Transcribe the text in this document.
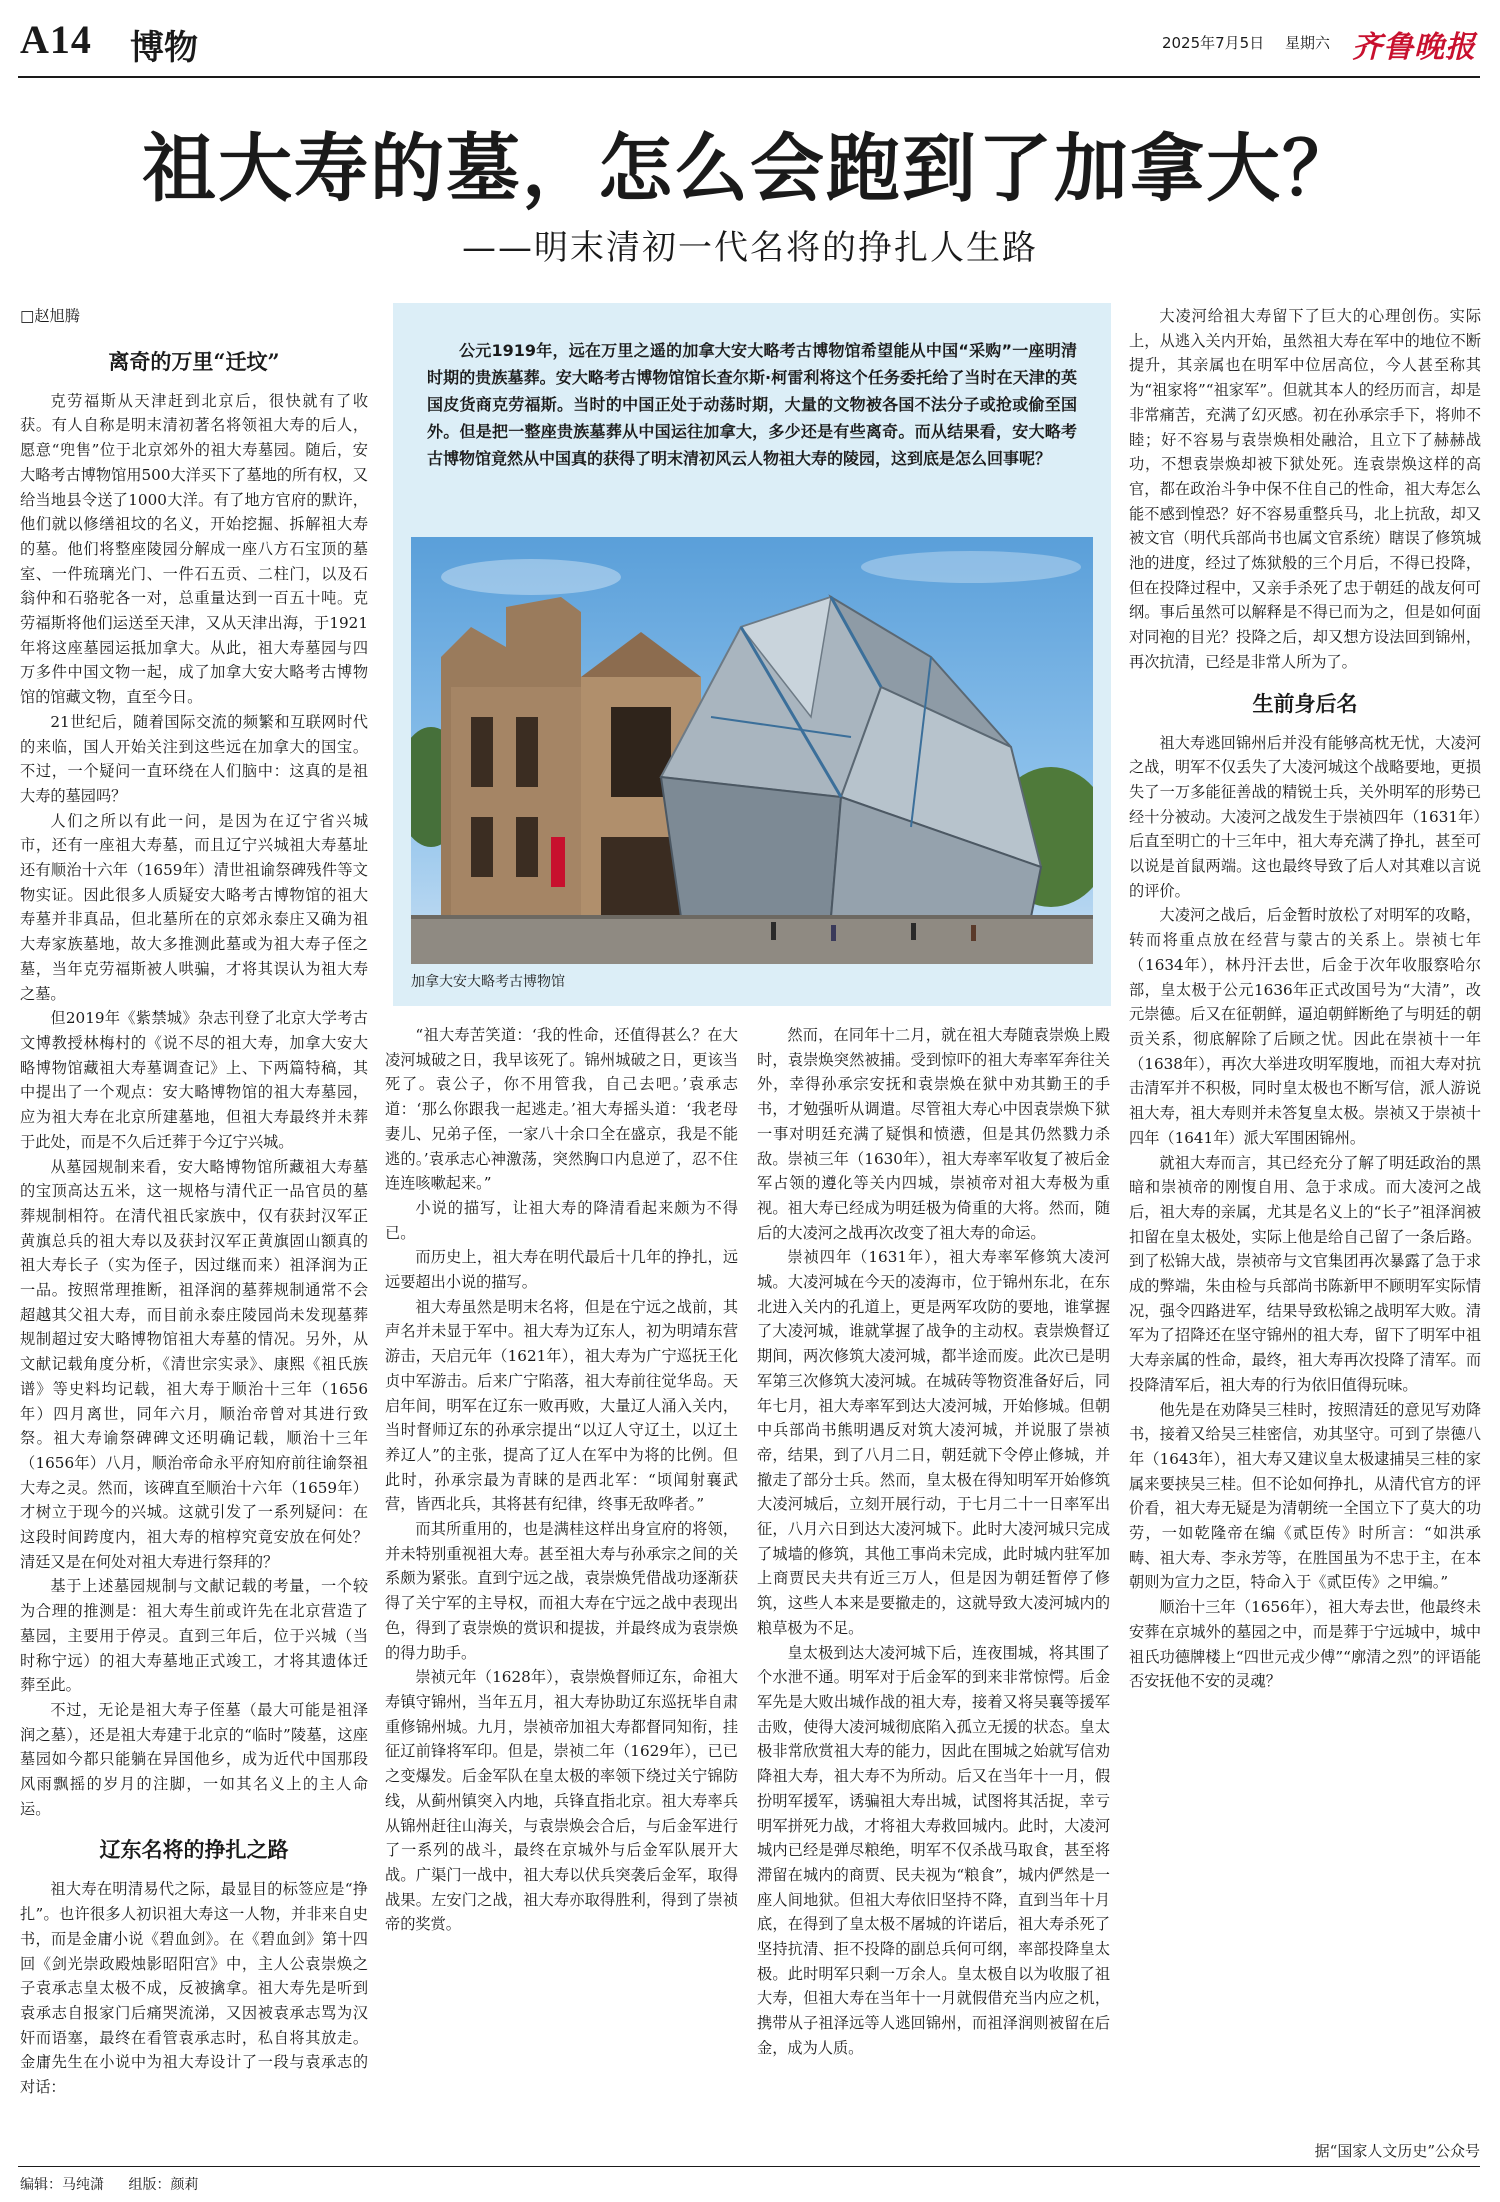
A14 博物	2025年7月5日 星期六 齐鲁晚报
祖大寿的墓，怎么会跑到了加拿大？
——明末清初一代名将的挣扎人生路
□赵旭腾
离奇的万里“迁坟”

克劳福斯从天津赶到北京后，很快就有了收获。有人自称是明末清初著名将领祖大寿的后人，愿意“兜售”位于北京郊外的祖大寿墓园。随后，安大略考古博物馆用500大洋买下了墓地的所有权，又给当地县令送了1000大洋。有了地方官府的默许，他们就以修缮祖坟的名义，开始挖掘、拆解祖大寿的墓。他们将整座陵园分解成一座八方石宝顶的墓室、一件琉璃光门、一件石五贡、二柱门，以及石翁仲和石骆驼各一对，总重量达到一百五十吨。克劳福斯将他们运送至天津，又从天津出海，于1921年将这座墓园运抵加拿大。从此，祖大寿墓园与四万多件中国文物一起，成了加拿大安大略考古博物馆的馆藏文物，直至今日。

21世纪后，随着国际交流的频繁和互联网时代的来临，国人开始关注到这些远在加拿大的国宝。不过，一个疑问一直环绕在人们脑中：这真的是祖大寿的墓园吗？

人们之所以有此一问，是因为在辽宁省兴城市，还有一座祖大寿墓，而且辽宁兴城祖大寿墓址还有顺治十六年（1659年）清世祖谕祭碑残件等文物实证。因此很多人质疑安大略考古博物馆的祖大寿墓并非真品，但北墓所在的京郊永泰庄又确为祖大寿家族墓地，故大多推测此墓或为祖大寿子侄之墓，当年克劳福斯被人哄骗，才将其误认为祖大寿之墓。

但2019年《紫禁城》杂志刊登了北京大学考古文博教授林梅村的《说不尽的祖大寿，加拿大安大略博物馆藏祖大寿墓调查记》上、下两篇特稿，其中提出了一个观点：安大略博物馆的祖大寿墓园，应为祖大寿在北京所建墓地，但祖大寿最终并未葬于此处，而是不久后迁葬于今辽宁兴城。

从墓园规制来看，安大略博物馆所藏祖大寿墓的宝顶高达五米，这一规格与清代正一品官员的墓葬规制相符。在清代祖氏家族中，仅有获封汉军正黄旗总兵的祖大寿以及获封汉军正黄旗固山额真的祖大寿长子（实为侄子，因过继而来）祖泽润为正一品。按照常理推断，祖泽润的墓葬规制通常不会超越其父祖大寿，而目前永泰庄陵园尚未发现墓葬规制超过安大略博物馆祖大寿墓的情况。另外，从文献记载角度分析，《清世宗实录》、康熙《祖氏族谱》等史料均记载，祖大寿于顺治十三年（1656年）四月离世，同年六月，顺治帝曾对其进行致祭。祖大寿谕祭碑碑文还明确记载，顺治十三年（1656年）八月，顺治帝命永平府知府前往谕祭祖大寿之灵。然而，该碑直至顺治十六年（1659年）才树立于现今的兴城。这就引发了一系列疑问：在这段时间跨度内，祖大寿的棺椁究竟安放在何处？清廷又是在何处对祖大寿进行祭拜的？

基于上述墓园规制与文献记载的考量，一个较为合理的推测是：祖大寿生前或许先在北京营造了墓园，主要用于停灵。直到三年后，位于兴城（当时称宁远）的祖大寿墓地正式竣工，才将其遗体迁葬至此。

不过，无论是祖大寿子侄墓（最大可能是祖泽润之墓），还是祖大寿建于北京的“临时”陵墓，这座墓园如今都只能躺在异国他乡，成为近代中国那段风雨飘摇的岁月的注脚，一如其名义上的主人命运。

辽东名将的挣扎之路

祖大寿在明清易代之际，最显目的标签应是“挣扎”。也许很多人初识祖大寿这一人物，并非来自史书，而是金庸小说《碧血剑》。在《碧血剑》第十四回《剑光崇政殿烛影昭阳宫》中，主人公袁崇焕之子袁承志皇太极不成，反被擒拿。祖大寿先是听到袁承志自报家门后痛哭流涕，又因被袁承志骂为汉奸而语塞，最终在看管袁承志时，私自将其放走。金庸先生在小说中为祖大寿设计了一段与袁承志的对话：

公元1919年，远在万里之遥的加拿大安大略考古博物馆希望能从中国“采购”一座明清时期的贵族墓葬。安大略考古博物馆馆长查尔斯·柯雷利将这个任务委托给了当时在天津的英国皮货商克劳福斯。当时的中国正处于动荡时期，大量的文物被各国不法分子或抢或偷至国外。但是把一整座贵族墓葬从中国运往加拿大，多少还是有些离奇。而从结果看，安大略考古博物馆竟然从中国真的获得了明末清初风云人物祖大寿的陵园，这到底是怎么回事呢？
加拿大安大略考古博物馆

“祖大寿苦笑道：‘我的性命，还值得甚么？在大凌河城破之日，我早该死了。锦州城破之日，更该当死了。袁公子，你不用管我，自己去吧。’袁承志道：‘那么你跟我一起逃走。’祖大寿摇头道：‘我老母妻儿、兄弟子侄，一家八十余口全在盛京，我是不能逃的。’袁承志心神激荡，突然胸口内息逆了，忍不住连连咳嗽起来。”

小说的描写，让祖大寿的降清看起来颇为不得已。

而历史上，祖大寿在明代最后十几年的挣扎，远远要超出小说的描写。

祖大寿虽然是明末名将，但是在宁远之战前，其声名并未显于军中。祖大寿为辽东人，初为明靖东营游击，天启元年（1621年），祖大寿为广宁巡抚王化贞中军游击。后来广宁陷落，祖大寿前往觉华岛。天启年间，明军在辽东一败再败，大量辽人涌入关内，当时督师辽东的孙承宗提出“以辽人守辽土，以辽土养辽人”的主张，提高了辽人在军中为将的比例。但此时，孙承宗最为青睐的是西北军：“顷闻射襄武营，皆西北兵，其将甚有纪律，终事无敌哗者。”

而其所重用的，也是满桂这样出身宣府的将领，并未特别重视祖大寿。甚至祖大寿与孙承宗之间的关系颇为紧张。直到宁远之战，袁崇焕凭借战功逐渐获得了关宁军的主导权，而祖大寿在宁远之战中表现出色，得到了袁崇焕的赏识和提拔，并最终成为袁崇焕的得力助手。

崇祯元年（1628年），袁崇焕督师辽东，命祖大寿镇守锦州，当年五月，祖大寿协助辽东巡抚毕自肃重修锦州城。九月，崇祯帝加祖大寿都督同知衔，挂征辽前锋将军印。但是，崇祯二年（1629年），已已之变爆发。后金军队在皇太极的率领下绕过关宁锦防线，从蓟州镇突入内地，兵锋直指北京。祖大寿率兵从锦州赶往山海关，与袁崇焕会合后，与后金军进行了一系列的战斗，最终在京城外与后金军队展开大战。广渠门一战中，祖大寿以伏兵突袭后金军，取得战果。左安门之战，祖大寿亦取得胜利，得到了崇祯帝的奖赏。

然而，在同年十二月，就在祖大寿随袁崇焕上殿时，袁崇焕突然被捕。受到惊吓的祖大寿率军奔往关外，幸得孙承宗安抚和袁崇焕在狱中劝其勤王的手书，才勉强听从调遣。尽管祖大寿心中因袁崇焕下狱一事对明廷充满了疑惧和愤懑，但是其仍然戮力杀敌。崇祯三年（1630年），祖大寿率军收复了被后金军占领的遵化等关内四城，崇祯帝对祖大寿极为重视。祖大寿已经成为明廷极为倚重的大将。然而，随后的大凌河之战再次改变了祖大寿的命运。

崇祯四年（1631年），祖大寿率军修筑大凌河城。大凌河城在今天的凌海市，位于锦州东北，在东北进入关内的孔道上，更是两军攻防的要地，谁掌握了大凌河城，谁就掌握了战争的主动权。袁崇焕督辽期间，两次修筑大凌河城，都半途而废。此次已是明军第三次修筑大凌河城。在城砖等物资准备好后，同年七月，祖大寿率军到达大凌河城，开始修城。但朝中兵部尚书熊明遇反对筑大凌河城，并说服了崇祯帝，结果，到了八月二日，朝廷就下令停止修城，并撤走了部分士兵。然而，皇太极在得知明军开始修筑大凌河城后，立刻开展行动，于七月二十一日率军出征，八月六日到达大凌河城下。此时大凌河城只完成了城墙的修筑，其他工事尚未完成，此时城内驻军加上商贾民夫共有近三万人，但是因为朝廷暂停了修筑，这些人本来是要撤走的，这就导致大凌河城内的粮草极为不足。

皇太极到达大凌河城下后，连夜围城，将其围了个水泄不通。明军对于后金军的到来非常惊愕。后金军先是大败出城作战的祖大寿，接着又将吴襄等援军击败，使得大凌河城彻底陷入孤立无援的状态。皇太极非常欣赏祖大寿的能力，因此在围城之始就写信劝降祖大寿，祖大寿不为所动。后又在当年十一月，假扮明军援军，诱骗祖大寿出城，试图将其活捉，幸亏明军拼死力战，才将祖大寿救回城内。此时，大凌河城内已经是弹尽粮绝，明军不仅杀战马取食，甚至将滞留在城内的商贾、民夫视为“粮食”，城内俨然是一座人间地狱。但祖大寿依旧坚持不降，直到当年十月底，在得到了皇太极不屠城的许诺后，祖大寿杀死了坚持抗清、拒不投降的副总兵何可纲，率部投降皇太极。此时明军只剩一万余人。皇太极自以为收服了祖大寿，但祖大寿在当年十一月就假借充当内应之机，携带从子祖泽远等人逃回锦州，而祖泽润则被留在后金，成为人质。

大凌河给祖大寿留下了巨大的心理创伤。实际上，从逃入关内开始，虽然祖大寿在军中的地位不断提升，其亲属也在明军中位居高位，今人甚至称其为“祖家将”“祖家军”。但就其本人的经历而言，却是非常痛苦，充满了幻灭感。初在孙承宗手下，将帅不睦；好不容易与袁崇焕相处融洽，且立下了赫赫战功，不想袁崇焕却被下狱处死。连袁崇焕这样的高官，都在政治斗争中保不住自己的性命，祖大寿怎么能不感到惶恐？好不容易重整兵马，北上抗敌，却又被文官（明代兵部尚书也属文官系统）瞎误了修筑城池的进度，经过了炼狱般的三个月后，不得已投降，但在投降过程中，又亲手杀死了忠于朝廷的战友何可纲。事后虽然可以解释是不得已而为之，但是如何面对同袍的目光？投降之后，却又想方设法回到锦州，再次抗清，已经是非常人所为了。

生前身后名

祖大寿逃回锦州后并没有能够高枕无忧，大凌河之战，明军不仅丢失了大凌河城这个战略要地，更损失了一万多能征善战的精锐士兵，关外明军的形势已经十分被动。大凌河之战发生于崇祯四年（1631年）后直至明亡的十三年中，祖大寿充满了挣扎，甚至可以说是首鼠两端。这也最终导致了后人对其难以言说的评价。

大凌河之战后，后金暂时放松了对明军的攻略，转而将重点放在经营与蒙古的关系上。崇祯七年（1634年），林丹汗去世，后金于次年收服察哈尔部，皇太极于公元1636年正式改国号为“大清”，改元崇德。后又在征朝鲜，逼迫朝鲜断绝了与明廷的朝贡关系，彻底解除了后顾之忧。因此在崇祯十一年（1638年），再次大举进攻明军腹地，而祖大寿对抗击清军并不积极，同时皇太极也不断写信，派人游说祖大寿，祖大寿则并未答复皇太极。崇祯又于崇祯十四年（1641年）派大军围困锦州。

就祖大寿而言，其已经充分了解了明廷政治的黑暗和崇祯帝的刚愎自用、急于求成。而大凌河之战后，祖大寿的亲属，尤其是名义上的“长子”祖泽润被扣留在皇太极处，实际上他是给自己留了一条后路。到了松锦大战，崇祯帝与文官集团再次暴露了急于求成的弊端，朱由检与兵部尚书陈新甲不顾明军实际情况，强令四路进军，结果导致松锦之战明军大败。清军为了招降还在坚守锦州的祖大寿，留下了明军中祖大寿亲属的性命，最终，祖大寿再次投降了清军。而投降清军后，祖大寿的行为依旧值得玩味。

他先是在劝降吴三桂时，按照清廷的意见写劝降书，接着又给吴三桂密信，劝其坚守。可到了崇德八年（1643年），祖大寿又建议皇太极逮捕吴三桂的家属来要挟吴三桂。但不论如何挣扎，从清代官方的评价看，祖大寿无疑是为清朝统一全国立下了莫大的功劳，一如乾隆帝在编《贰臣传》时所言：“如洪承畴、祖大寿、李永芳等，在胜国虽为不忠于主，在本朝则为宣力之臣，特命入于《贰臣传》之甲编。”

顺治十三年（1656年），祖大寿去世，他最终未安葬在京城外的墓园之中，而是葬于宁远城中，城中祖氏功德牌楼上“四世元戎少傅”“廓清之烈”的评语能否安抚他不安的灵魂？

据“国家人文历史”公众号
编辑：马纯潇 组版：颜莉
